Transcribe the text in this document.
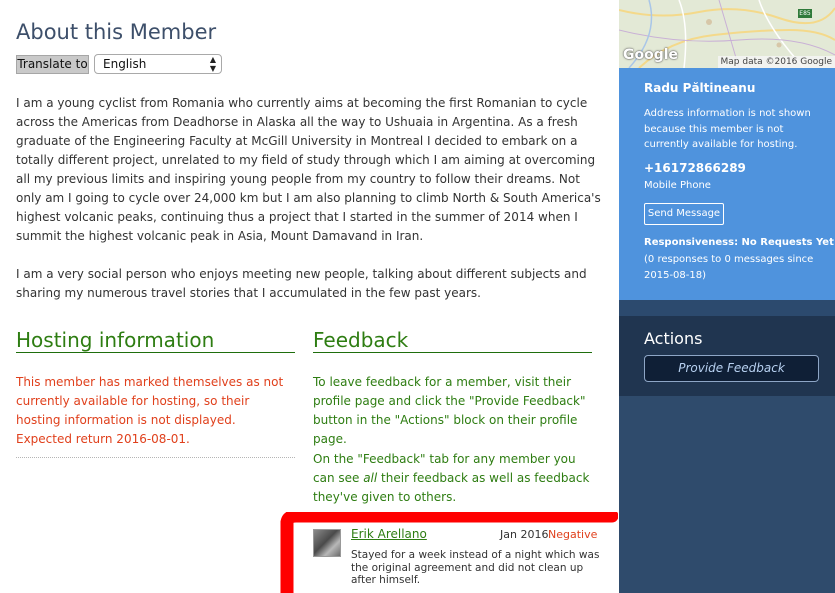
About this Member
Translate to	English	▲
▼

I am a young cyclist from Romania who currently aims at becoming the first Romanian to cycle across the Americas from Deadhorse in Alaska all the way to Ushuaia in Argentina. As a fresh graduate of the Engineering Faculty at McGill University in Montreal I decided to embark on a totally different project, unrelated to my field of study through which I am aiming at overcoming all my previous limits and inspiring young people from my country to follow their dreams. Not only am I going to cycle over 24,000 km but I am also planning to climb North & South America's highest volcanic peaks, continuing thus a project that I started in the summer of 2014 when I summit the highest volcanic peak in Asia, Mount Damavand in Iran.

I am a very social person who enjoys meeting new people, talking about different subjects and sharing my numerous travel stories that I accumulated in the few past years.

Hosting information
This member has marked themselves as not currently available for hosting, so their hosting information is not displayed.
Expected return 2016-08-01.
Feedback

To leave feedback for a member, visit their profile page and click the "Provide Feedback" button in the "Actions" block on their profile page.

On the "Feedback" tab for any member you can see all their feedback as well as feedback they've given to others.

Erik Arellano	Jan 2016 Negative

Stayed for a week instead of a night which was the original agreement and did not clean up after himself.

E85
Google	Map data ©2016 Google
Radu Păltineanu
Address information is not shown because this member is not currently available for hosting.
+16172866289
Mobile Phone
Send Message
Responsiveness: No Requests Yet
(0 responses to 0 messages since 2015-08-18)
Actions
Provide Feedback
